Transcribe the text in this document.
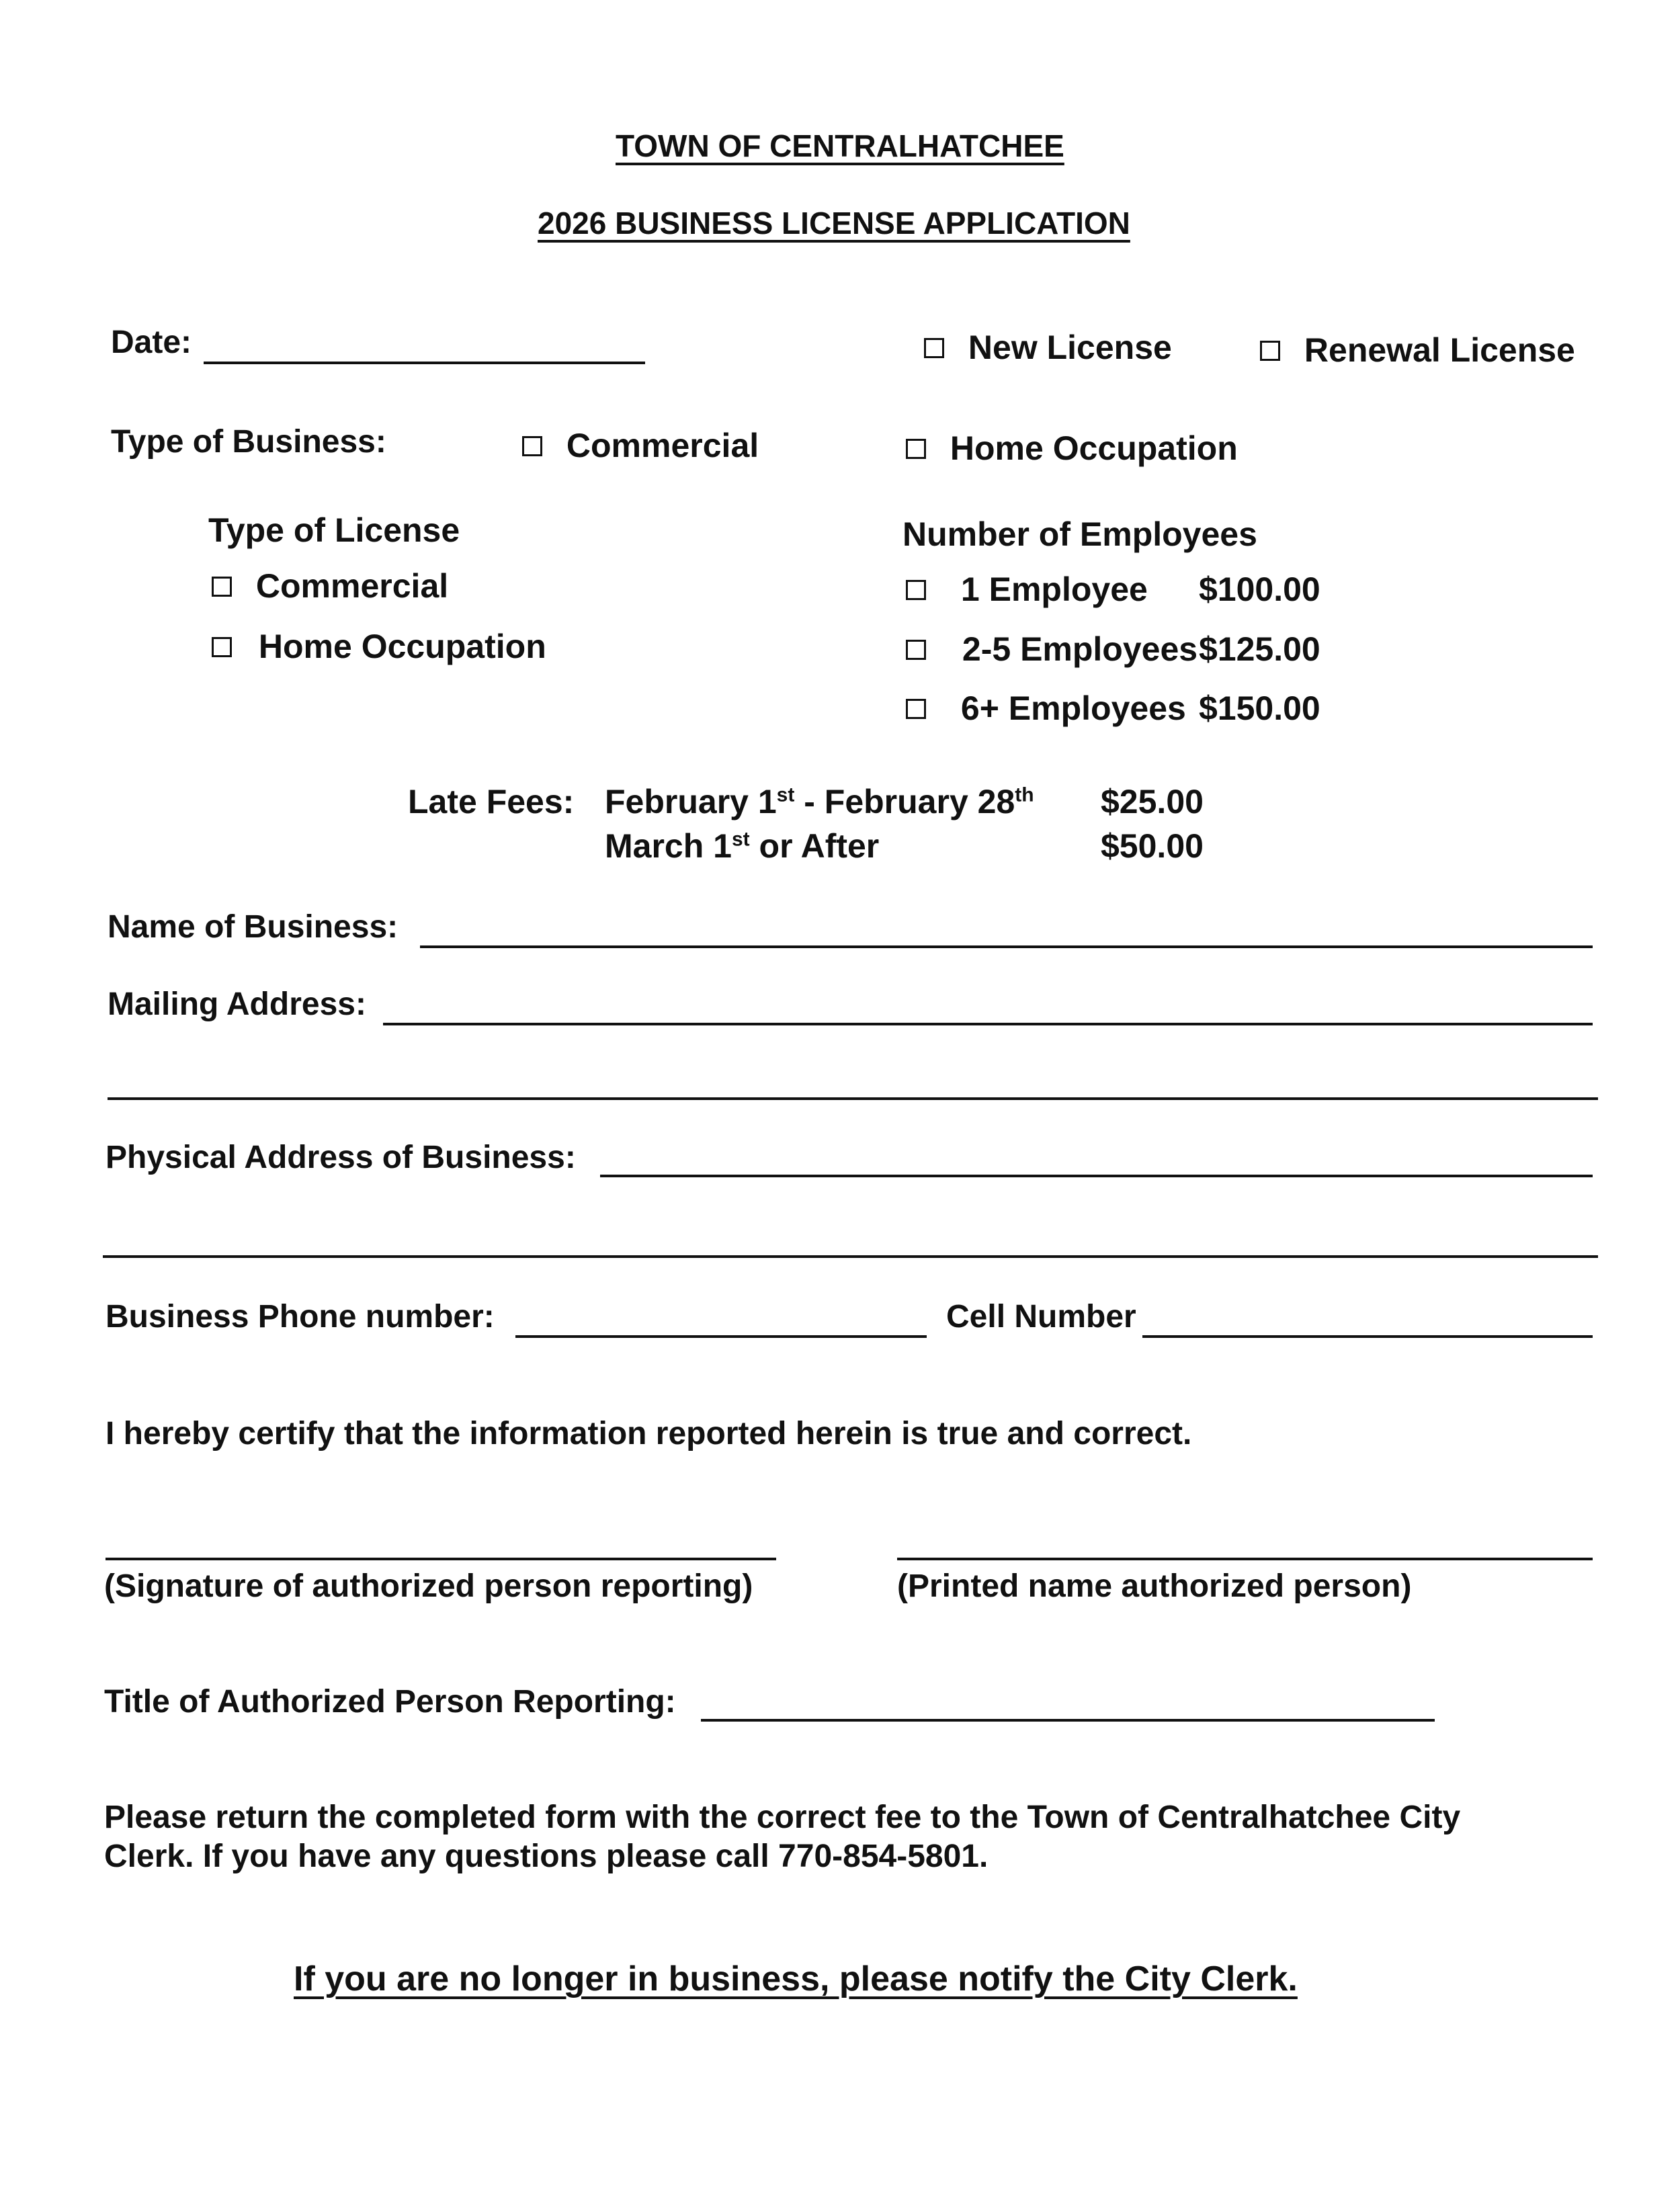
TOWN OF CENTRALHATCHEE
2026 BUSINESS LICENSE APPLICATION
Date:	New License	Renewal License
Type of Business:	Commercial	Home Occupation
Type of License
Commercial
Home Occupation
Number of Employees
1 Employee $100.00
2-5 Employees $125.00
6+ Employees $150.00
Late Fees: February 1st - February 28th $25.00
March 1st or After	$50.00
Name of Business:
Mailing Address:
Physical Address of Business:
Business Phone number:	Cell Number
I hereby certify that the information reported herein is true and correct.
(Signature of authorized person reporting)	(Printed name authorized person)
Title of Authorized Person Reporting:
Please return the completed form with the correct fee to the Town of Centralhatchee City
Clerk. If you have any questions please call 770-854-5801.
If you are no longer in business, please notify the City Clerk.
